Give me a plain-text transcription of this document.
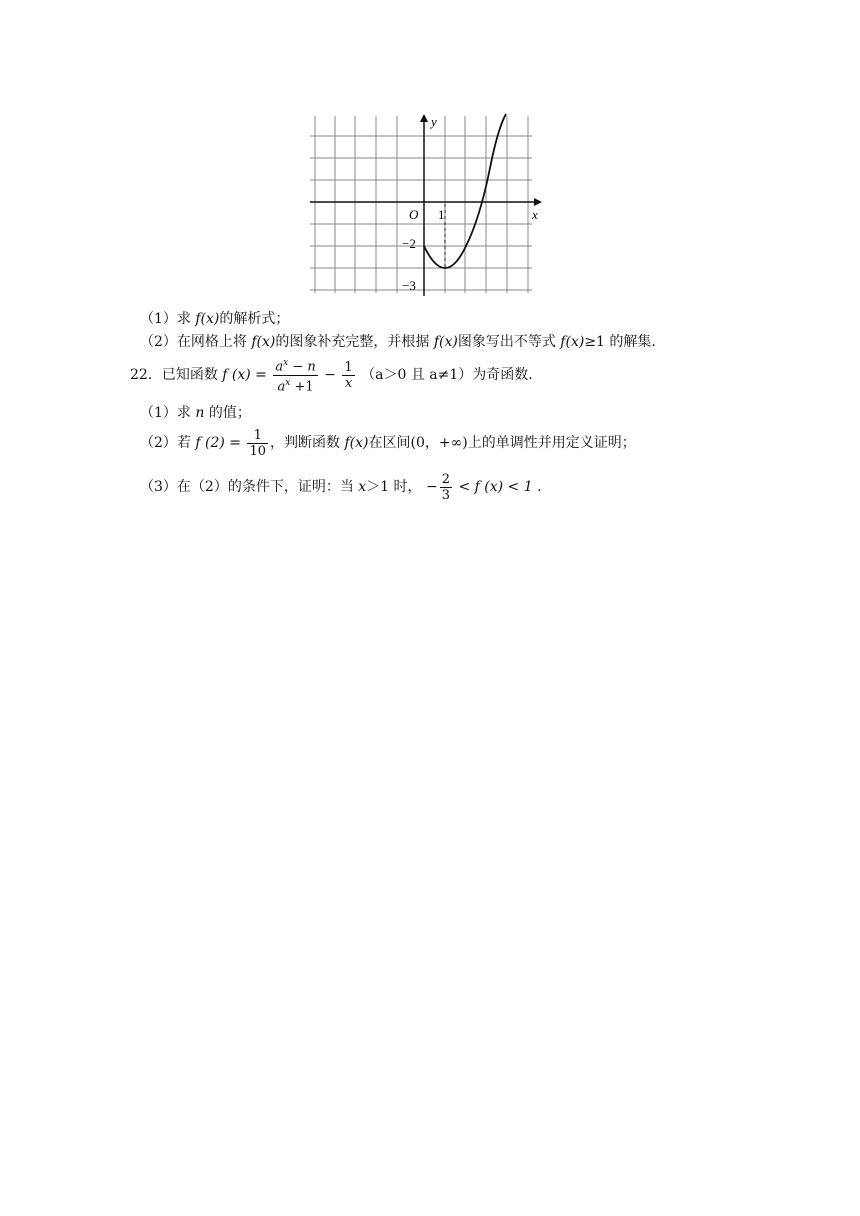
y
x
O 1
−2
−3
（1）求 f(x)的解析式；
（2）在网格上将 f(x)的图象补充完整，并根据 f(x)图象写出不等式 f(x)≥1 的解集.
22．已知函数 f $(x) = \frac{a^x - n}{a^x +1} - \frac{1}{x} (a>0$ 且 a≠1）为奇函数.
（1）求 n 的值；
（2）若 f $(2) = \frac{1}{10}$ ，判断函数 f(x)在区间(0，+∞)上的单调性并用定义证明；
（3）在（2）的条件下，证明：当 x＞1 时， − $\frac{2}{3} < f$ (x) < 1 .
